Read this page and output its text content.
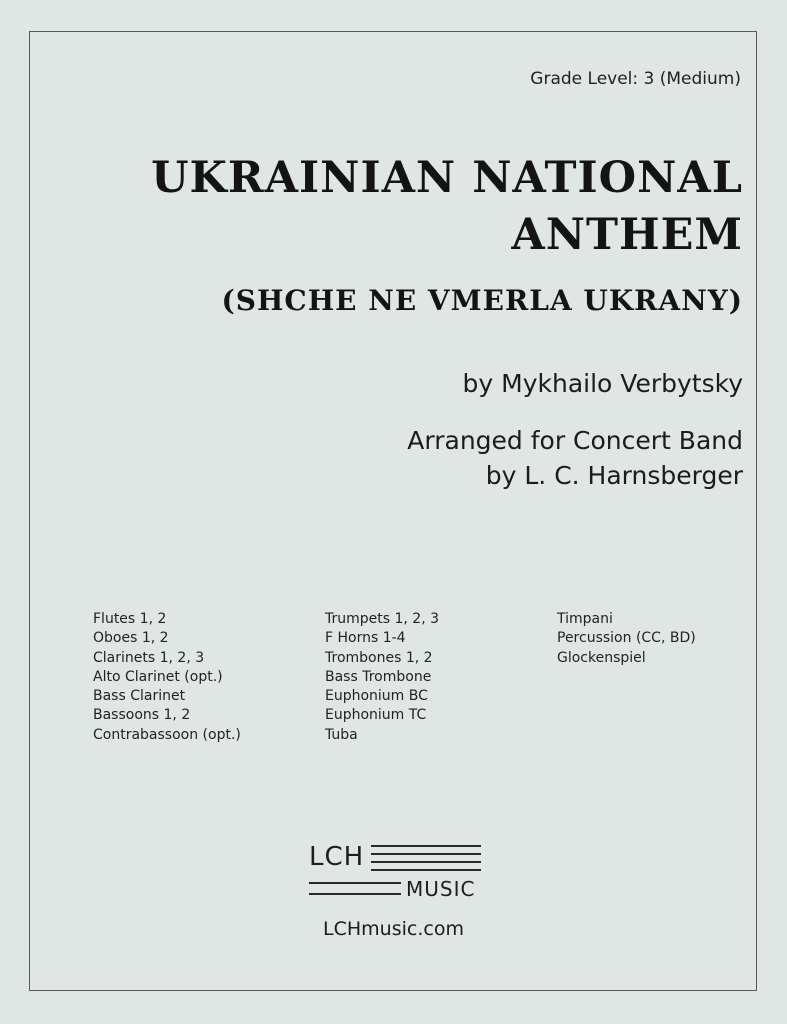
Grade Level: 3 (Medium)
UKRAINIAN NATIONAL
ANTHEM
(SHCHE NE VMERLA UKRANY)
by Mykhailo Verbytsky
Arranged for Concert Band
by L. C. Harnsberger
Flutes 1, 2
Oboes 1, 2
Clarinets 1, 2, 3
Alto Clarinet (opt.)
Bass Clarinet
Bassoons 1, 2
Contrabassoon (opt.)
Trumpets 1, 2, 3
F Horns 1-4
Trombones 1, 2
Bass Trombone
Euphonium BC
Euphonium TC
Tuba
Timpani
Percussion (CC, BD)
Glockenspiel
LCH
MUSIC
LCHmusic.com
